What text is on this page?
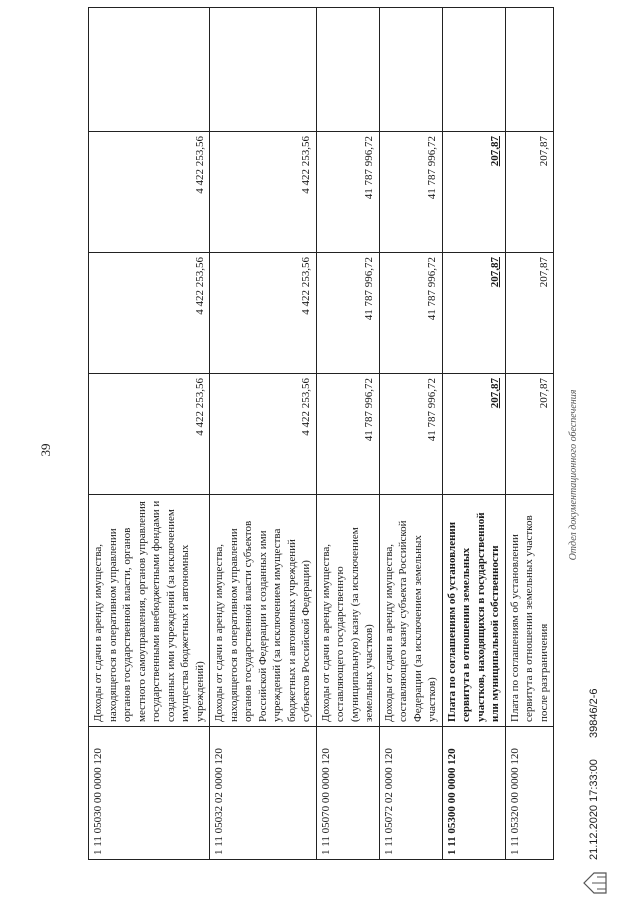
39
1 11 05030 00 0000 120	Доходы от сдачи в аренду имущества, находящегося в оперативном управлении органов государственной власти, органов местного самоуправления, органов управления государственными внебюджетными фондами и созданных ими учреждений (за исключением имущества бюджетных и автономных учреждений)	4 422 253,56	4 422 253,56	4 422 253,56	
1 11 05032 02 0000 120	Доходы от сдачи в аренду имущества, находящегося в оперативном управлении органов государственной власти субъектов Российской Федерации и созданных ими учреждений (за исключением имущества бюджетных и автономных учреждений субъектов Российской Федерации)	4 422 253,56	4 422 253,56	4 422 253,56	
1 11 05070 00 0000 120	Доходы от сдачи в аренду имущества, составляющего государственную (муниципальную) казну (за исключением земельных участков)	41 787 996,72	41 787 996,72	41 787 996,72	
1 11 05072 02 0000 120	Доходы от сдачи в аренду имущества, составляющего казну субъекта Российской Федерации (за исключением земельных участков)	41 787 996,72	41 787 996,72	41 787 996,72	
1 11 05300 00 0000 120	Плата по соглашениям об установлении сервитута в отношении земельных участков, находящихся в государственной или муниципальной собственности	207,87	207,87	207,87	
1 11 05320 00 0000 120	Плата по соглашениям об установлении сервитута в отношении земельных участков после разграничения	207,87	207,87	207,87	
21.12.2020 17:33:00 39846/2-6
Отдел документационного обеспечения
